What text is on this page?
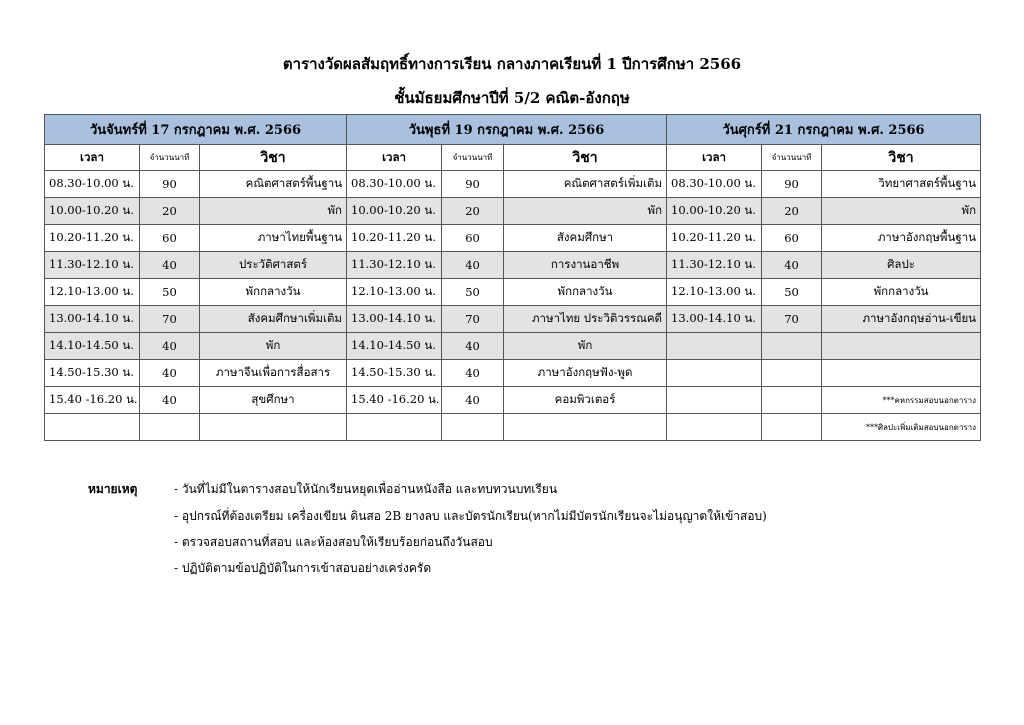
ตารางวัดผลสัมฤทธิ์ทางการเรียน กลางภาคเรียนที่ 1 ปีการศึกษา 2566
ชั้นมัธยมศึกษาปีที่ 5/2 คณิต-อังกฤษ
วันจันทร์ที่ 17 กรกฎาคม พ.ศ. 2566			วันพุธที่ 19 กรกฎาคม พ.ศ. 2566			วันศุกร์ที่ 21 กรกฎาคม พ.ศ. 2566		
เวลา	จำนวนนาที	วิชา	เวลา	จำนวนนาที	วิชา	เวลา	จำนวนนาที	วิชา
08.30-10.00 น.	90	คณิตศาสตร์พื้นฐาน	08.30-10.00 น.	90	คณิตศาสตร์เพิ่มเติม	08.30-10.00 น.	90	วิทยาศาสตร์พื้นฐาน
10.00-10.20 น.	20	พัก	10.00-10.20 น.	20	พัก	10.00-10.20 น.	20	พัก
10.20-11.20 น.	60	ภาษาไทยพื้นฐาน	10.20-11.20 น.	60	สังคมศึกษา	10.20-11.20 น.	60	ภาษาอังกฤษพื้นฐาน
11.30-12.10 น.	40	ประวัติศาสตร์	11.30-12.10 น.	40	การงานอาชีพ	11.30-12.10 น.	40	ศิลปะ
12.10-13.00 น.	50	พักกลางวัน	12.10-13.00 น.	50	พักกลางวัน	12.10-13.00 น.	50	พักกลางวัน
13.00-14.10 น.	70	สังคมศึกษาเพิ่มเติม	13.00-14.10 น.	70	ภาษาไทย ประวิติวรรณคดี	13.00-14.10 น.	70	ภาษาอังกฤษอ่าน-เขียน
14.10-14.50 น.	40	พัก	14.10-14.50 น.	40	พัก			
14.50-15.30 น.	40	ภาษาจีนเพื่อการสื่อสาร	14.50-15.30 น.	40	ภาษาอังกฤษฟัง-พูด			
15.40 -16.20 น.	40	สุขศึกษา	15.40 -16.20 น.	40	คอมพิวเตอร์			***คหกรรมสอบนอกตาราง
								***ศิลปะเพิ่มเติมสอบนอกตาราง
หมายเหตุ	- วันที่ไม่มีในตารางสอบให้นักเรียนหยุดเพื่ออ่านหนังสือ และทบทวนบทเรียน
- อุปกรณ์ที่ต้องเตรียม เครื่องเขียน ดินสอ 2B ยางลบ และบัตรนักเรียน(หากไม่มีบัตรนักเรียนจะไม่อนุญาตให้เข้าสอบ)
- ตรวจสอบสถานที่สอบ และห้องสอบให้เรียบร้อยก่อนถึงวันสอบ
- ปฏิบัติตามข้อปฏิบัติในการเข้าสอบอย่างเคร่งครัด
